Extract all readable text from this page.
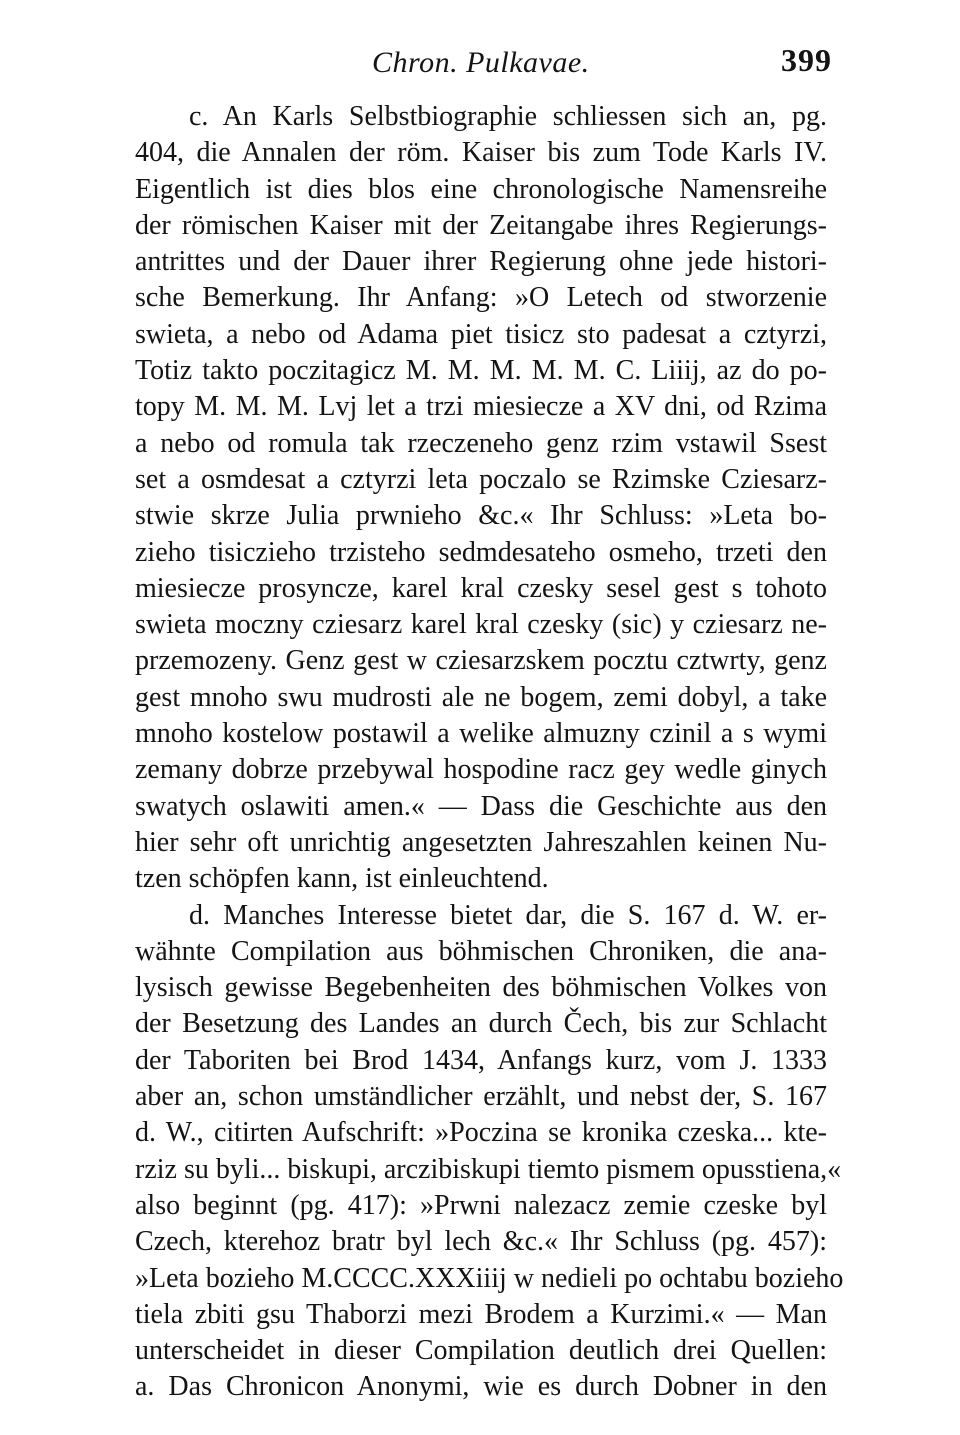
Chron. Pulkavae.	399
c. An Karls Selbstbiographie schliessen sich an, pg.
404, die Annalen der röm. Kaiser bis zum Tode Karls IV.
Eigentlich ist dies blos eine chronologische Namensreihe
der römischen Kaiser mit der Zeitangabe ihres Regierungs-
antrittes und der Dauer ihrer Regierung ohne jede histori-
sche Bemerkung. Ihr Anfang: »O Letech od stworzenie
swieta, a nebo od Adama piet tisicz sto padesat a cztyrzi,
Totiz takto poczitagicz M. M. M. M. M. C. Liiij, az do po-
topy M. M. M. Lvj let a trzi miesiecze a XV dni, od Rzima
a nebo od romula tak rzeczeneho genz rzim vstawil Ssest
set a osmdesat a cztyrzi leta poczalo se Rzimske Cziesarz-
stwie skrze Julia prwnieho &c.« Ihr Schluss: »Leta bo-
zieho tisiczieho trzisteho sedmdesateho osmeho, trzeti den
miesiecze prosyncze, karel kral czesky sesel gest s tohoto
swieta moczny cziesarz karel kral czesky (sic) y cziesarz ne-
przemozeny. Genz gest w cziesarzskem pocztu cztwrty, genz
gest mnoho swu mudrosti ale ne bogem, zemi dobyl, a take
mnoho kostelow postawil a welike almuzny czinil a s wymi
zemany dobrze przebywal hospodine racz gey wedle ginych
swatych oslawiti amen.« — Dass die Geschichte aus den
hier sehr oft unrichtig angesetzten Jahreszahlen keinen Nu-
tzen schöpfen kann, ist einleuchtend.
d. Manches Interesse bietet dar, die S. 167 d. W. er-
wähnte Compilation aus böhmischen Chroniken, die ana-
lysisch gewisse Begebenheiten des böhmischen Volkes von
der Besetzung des Landes an durch Čech, bis zur Schlacht
der Taboriten bei Brod 1434, Anfangs kurz, vom J. 1333
aber an, schon umständlicher erzählt, und nebst der, S. 167
d. W., citirten Aufschrift: »Poczina se kronika czeska... kte-
rziz su byli... biskupi, arczibiskupi tiemto pismem opusstiena,«
also beginnt (pg. 417): »Prwni nalezacz zemie czeske byl
Czech, kterehoz bratr byl lech &c.« Ihr Schluss (pg. 457):
»Leta bozieho M.CCCC.XXXiiij w nedieli po ochtabu bozieho
tiela zbiti gsu Thaborzi mezi Brodem a Kurzimi.« — Man
unterscheidet in dieser Compilation deutlich drei Quellen:
a. Das Chronicon Anonymi, wie es durch Dobner in den
